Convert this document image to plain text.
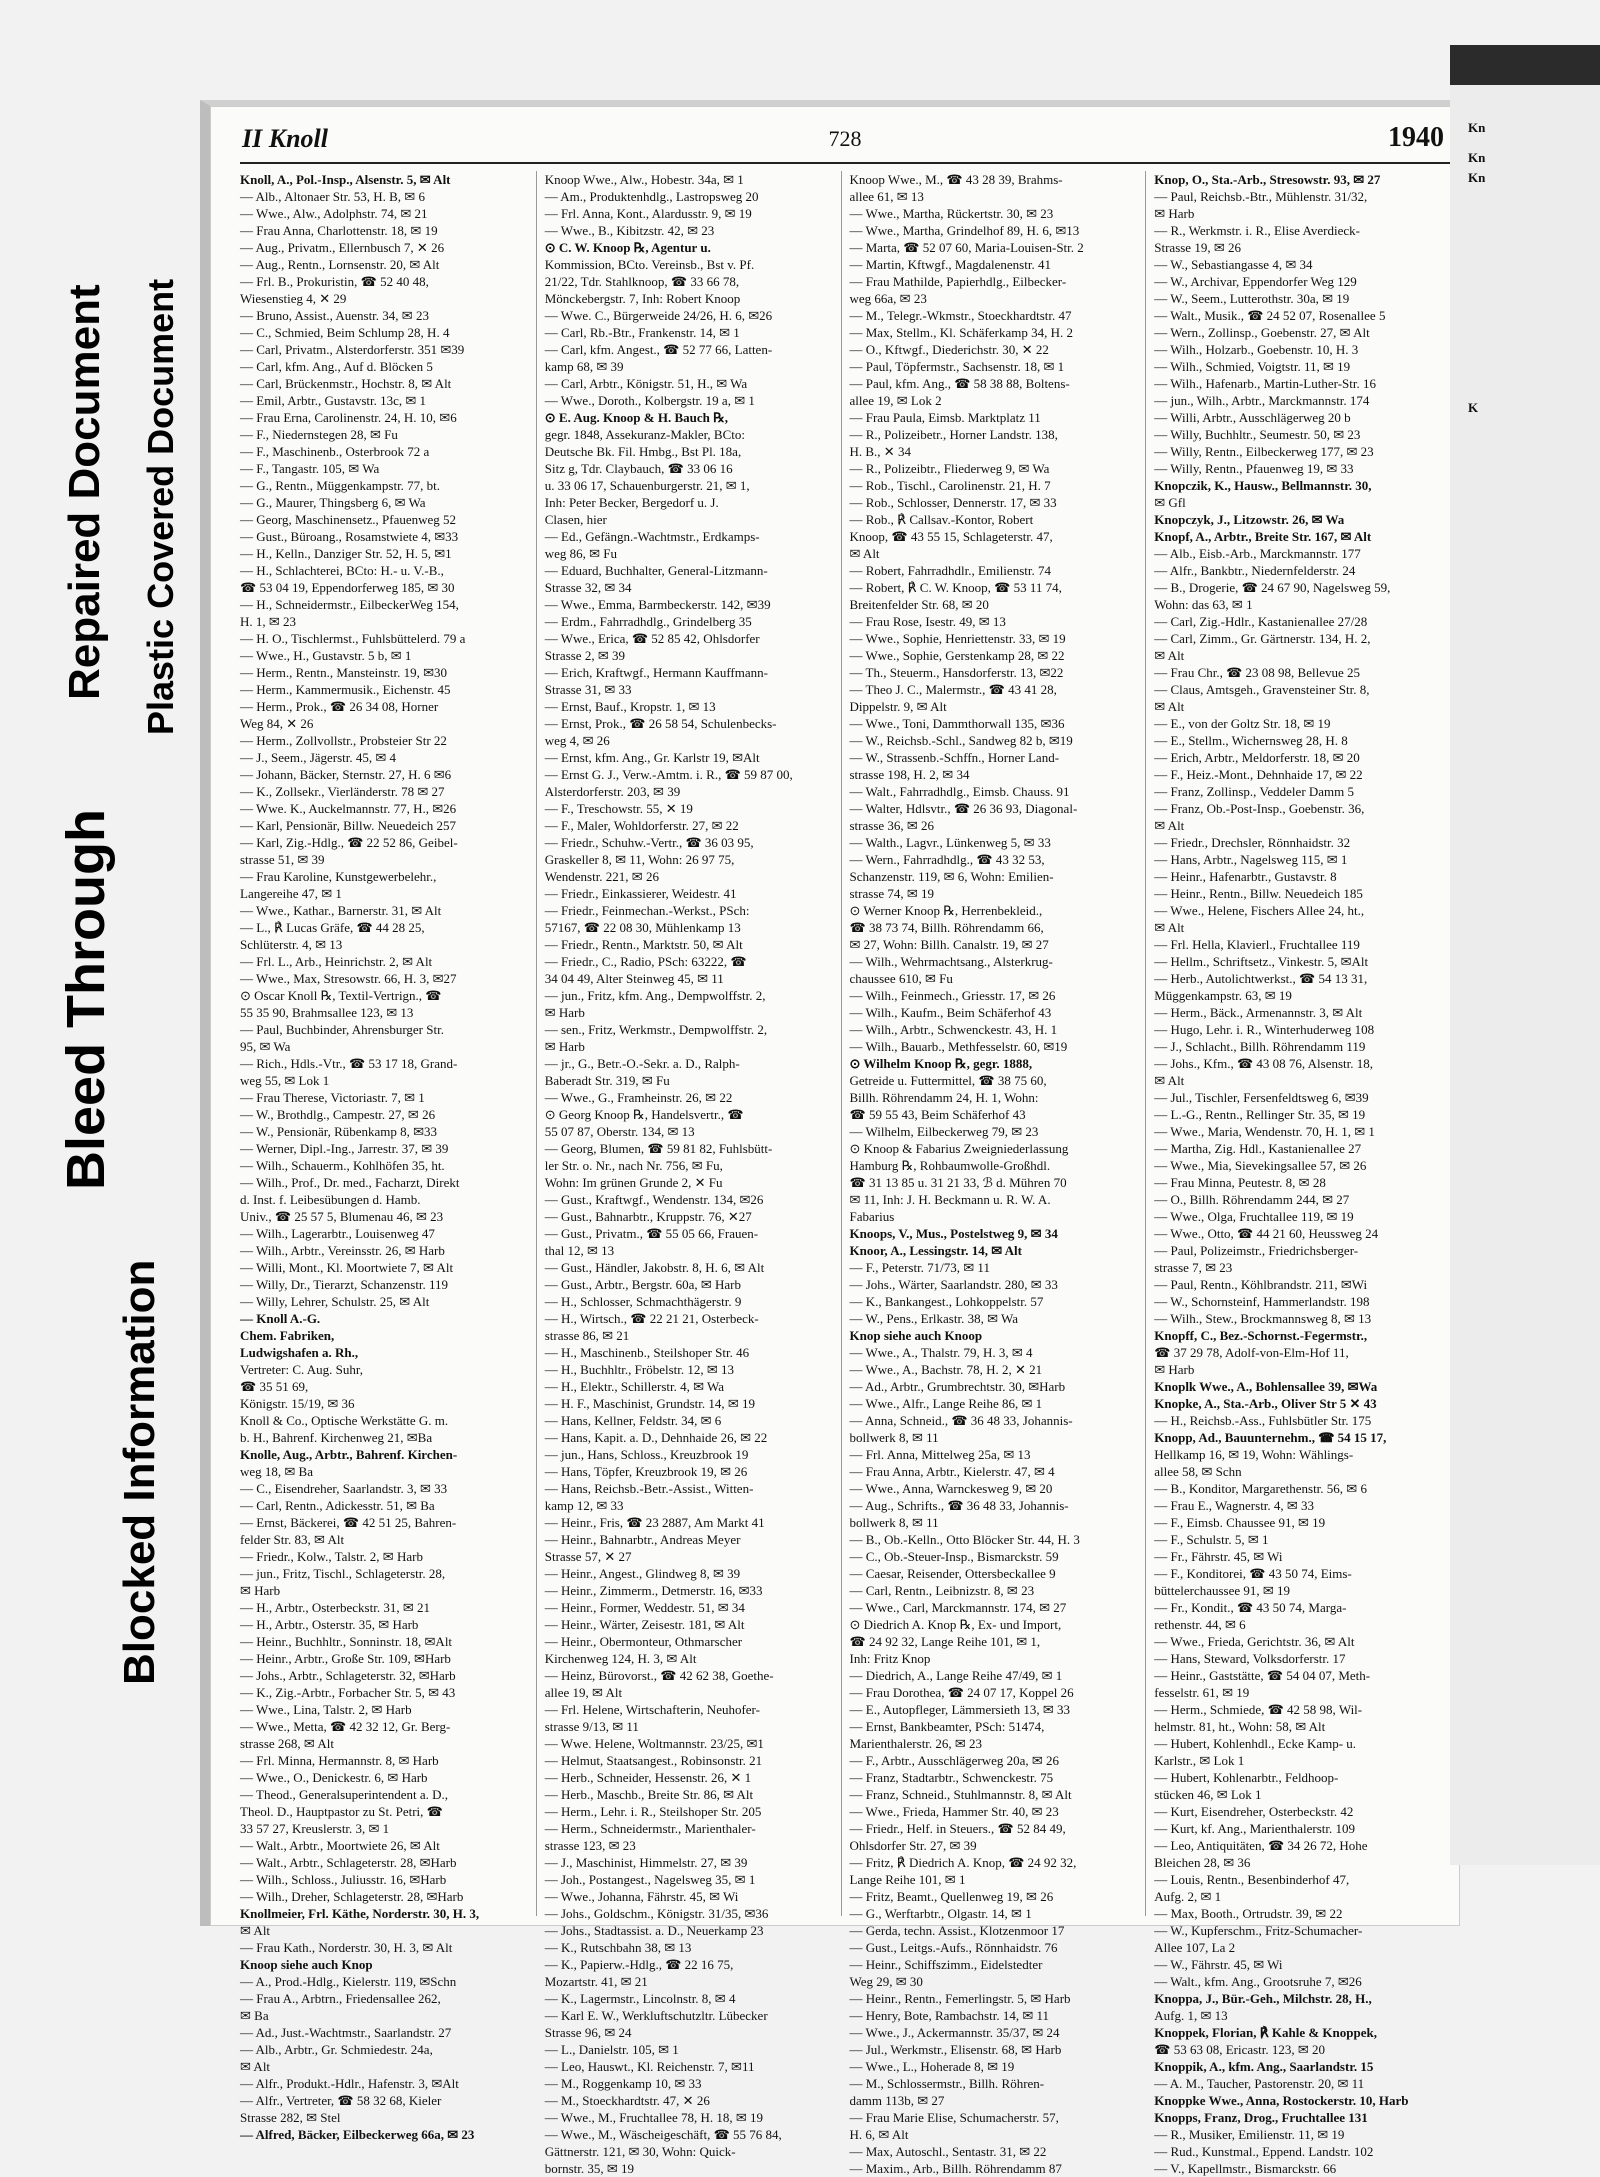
Blocked Information
Bleed Through
Repaired Document Plastic Covered Document
II Knoll	728	1940

Knoll, A., Pol.-Insp., Alsenstr. 5, ✉ Alt

— Alb., Altonaer Str. 53, H. B, ✉ 6

— Wwe., Alw., Adolphstr. 74, ✉ 21

— Frau Anna, Charlottenstr. 18, ✉ 19

— Aug., Privatm., Ellernbusch 7, ✕ 26

— Aug., Rentn., Lornsenstr. 20, ✉ Alt

— Frl. B., Prokuristin, ☎ 52 40 48,

Wiesenstieg 4, ✕ 29

— Bruno, Assist., Auenstr. 34, ✉ 23

— C., Schmied, Beim Schlump 28, H. 4

— Carl, Privatm., Alsterdorferstr. 351 ✉39

— Carl, kfm. Ang., Auf d. Blöcken 5

— Carl, Brückenmstr., Hochstr. 8, ✉ Alt

— Emil, Arbtr., Gustavstr. 13c, ✉ 1

— Frau Erna, Carolinenstr. 24, H. 10, ✉6

— F., Niedernstegen 28, ✉ Fu

— F., Maschinenb., Osterbrook 72 a

— F., Tangastr. 105, ✉ Wa

— G., Rentn., Müggenkampstr. 77, bt.

— G., Maurer, Thingsberg 6, ✉ Wa

— Georg, Maschinensetz., Pfauenweg 52

— Gust., Büroang., Rosamstwiete 4, ✉33

— H., Kelln., Danziger Str. 52, H. 5, ✉1

— H., Schlachterei, BCto: H.- u. V.-B.,

☎ 53 04 19, Eppendorferweg 185, ✉ 30

— H., Schneidermstr., EilbeckerWeg 154,

H. 1, ✉ 23

— H. O., Tischlermst., Fuhlsbüttelerd. 79 a

— Wwe., H., Gustavstr. 5 b, ✉ 1

— Herm., Rentn., Mansteinstr. 19, ✉30

— Herm., Kammermusik., Eichenstr. 45

— Herm., Prok., ☎ 26 34 08, Horner

Weg 84, ✕ 26

— Herm., Zollvollstr., Probsteier Str 22

— J., Seem., Jägerstr. 45, ✉ 4

— Johann, Bäcker, Sternstr. 27, H. 6 ✉6

— K., Zollsekr., Vierländerstr. 78 ✉ 27

— Wwe. K., Auckelmannstr. 77, H., ✉26

— Karl, Pensionär, Billw. Neuedeich 257

— Karl, Zig.-Hdlg., ☎ 22 52 86, Geibel-

strasse 51, ✉ 39

— Frau Karoline, Kunstgewerbelehr.,

Langereihe 47, ✉ 1

— Wwe., Kathar., Barnerstr. 31, ✉ Alt

— L., ℟ Lucas Gräfe, ☎ 44 28 25,

Schlüterstr. 4, ✉ 13

— Frl. L., Arb., Heinrichstr. 2, ✉ Alt

— Wwe., Max, Stresowstr. 66, H. 3, ✉27

⊙ Oscar Knoll ℞, Textil-Vertrign., ☎

55 35 90, Brahmsallee 123, ✉ 13

— Paul, Buchbinder, Ahrensburger Str.

95, ✉ Wa

— Rich., Hdls.-Vtr., ☎ 53 17 18, Grand-

weg 55, ✉ Lok 1

— Frau Therese, Victoriastr. 7, ✉ 1

— W., Brothdlg., Campestr. 27, ✉ 26

— W., Pensionär, Rübenkamp 8, ✉33

— Werner, Dipl.-Ing., Jarrestr. 37, ✉ 39

— Wilh., Schauerm., Kohlhöfen 35, ht.

— Wilh., Prof., Dr. med., Facharzt, Direkt

d. Inst. f. Leibesübungen d. Hamb.

Univ., ☎ 25 57 5, Blumenau 46, ✉ 23

— Wilh., Lagerarbtr., Louisenweg 47

— Wilh., Arbtr., Vereinsstr. 26, ✉ Harb

— Willi, Mont., Kl. Moortwiete 7, ✉ Alt

— Willy, Dr., Tierarzt, Schanzenstr. 119

— Willy, Lehrer, Schulstr. 25, ✉ Alt

— Knoll A.-G.

Chem. Fabriken,

Ludwigshafen a. Rh.,

Vertreter: C. Aug. Suhr,

☎ 35 51 69,

Königstr. 15/19, ✉ 36

Knoll & Co., Optische Werkstätte G. m.

b. H., Bahrenf. Kirchenweg 21, ✉Ba

Knolle, Aug., Arbtr., Bahrenf. Kirchen-

weg 18, ✉ Ba

— C., Eisendreher, Saarlandstr. 3, ✉ 33

— Carl, Rentn., Adickesstr. 51, ✉ Ba

— Ernst, Bäckerei, ☎ 42 51 25, Bahren-

felder Str. 83, ✉ Alt

— Friedr., Kolw., Talstr. 2, ✉ Harb

— jun., Fritz, Tischl., Schlageterstr. 28,

✉ Harb

— H., Arbtr., Osterbeckstr. 31, ✉ 21

— H., Arbtr., Osterstr. 35, ✉ Harb

— Heinr., Buchhltr., Sonninstr. 18, ✉Alt

— Heinr., Arbtr., Große Str. 109, ✉Harb

— Johs., Arbtr., Schlageterstr. 32, ✉Harb

— K., Zig.-Arbtr., Forbacher Str. 5, ✉ 43

— Wwe., Lina, Talstr. 2, ✉ Harb

— Wwe., Metta, ☎ 42 32 12, Gr. Berg-

strasse 268, ✉ Alt

— Frl. Minna, Hermannstr. 8, ✉ Harb

— Wwe., O., Denickestr. 6, ✉ Harb

— Theod., Generalsuperintendent a. D.,

Theol. D., Hauptpastor zu St. Petri, ☎

33 57 27, Kreuslerstr. 3, ✉ 1

— Walt., Arbtr., Moortwiete 26, ✉ Alt

— Walt., Arbtr., Schlageterstr. 28, ✉Harb

— Wilh., Schloss., Juliusstr. 16, ✉Harb

— Wilh., Dreher, Schlageterstr. 28, ✉Harb

Knollmeier, Frl. Käthe, Norderstr. 30, H. 3,

✉ Alt

— Frau Kath., Norderstr. 30, H. 3, ✉ Alt

Knoop siehe auch Knop

— A., Prod.-Hdlg., Kielerstr. 119, ✉Schn

— Frau A., Arbtrn., Friedensallee 262,

✉ Ba

— Ad., Just.-Wachtmstr., Saarlandstr. 27

— Alb., Arbtr., Gr. Schmiedestr. 24a,

✉ Alt

— Alfr., Produkt.-Hdlr., Hafenstr. 3, ✉Alt

— Alfr., Vertreter, ☎ 58 32 68, Kieler

Strasse 282, ✉ Stel

— Alfred, Bäcker, Eilbeckerweg 66a, ✉ 23

Knoop Wwe., Alw., Hobestr. 34a, ✉ 1

— Am., Produktenhdlg., Lastropsweg 20

— Frl. Anna, Kont., Alardusstr. 9, ✉ 19

— Wwe., B., Kibitzstr. 42, ✉ 23

⊙ C. W. Knoop ℞, Agentur u.

Kommission, BCto. Vereinsb., Bst v. Pf.

21/22, Tdr. Stahlknoop, ☎ 33 66 78,

Mönckebergstr. 7, Inh: Robert Knoop

— Wwe. C., Bürgerweide 24/26, H. 6, ✉26

— Carl, Rb.-Btr., Frankenstr. 14, ✉ 1

— Carl, kfm. Angest., ☎ 52 77 66, Latten-

kamp 68, ✉ 39

— Carl, Arbtr., Königstr. 51, H., ✉ Wa

— Wwe., Doroth., Kolbergstr. 19 a, ✉ 1

⊙ E. Aug. Knoop & H. Bauch ℞,

gegr. 1848, Assekuranz-Makler, BCto:

Deutsche Bk. Fil. Hmbg., Bst Pl. 18a,

Sitz g, Tdr. Claybauch, ☎ 33 06 16

u. 33 06 17, Schauenburgerstr. 21, ✉ 1,

Inh: Peter Becker, Bergedorf u. J.

Clasen, hier

— Ed., Gefängn.-Wachtmstr., Erdkamps-

weg 86, ✉ Fu

— Eduard, Buchhalter, General-Litzmann-

Strasse 32, ✉ 34

— Wwe., Emma, Barmbeckerstr. 142, ✉39

— Erdm., Fahrradhdlg., Grindelberg 35

— Wwe., Erica, ☎ 52 85 42, Ohlsdorfer

Strasse 2, ✉ 39

— Erich, Kraftwgf., Hermann Kauffmann-

Strasse 31, ✉ 33

— Ernst, Bauf., Kropstr. 1, ✉ 13

— Ernst, Prok., ☎ 26 58 54, Schulenbecks-

weg 4, ✉ 26

— Ernst, kfm. Ang., Gr. Karlstr 19, ✉Alt

— Ernst G. J., Verw.-Amtm. i. R., ☎ 59 87 00,

Alsterdorferstr. 203, ✉ 39

— F., Treschowstr. 55, ✕ 19

— F., Maler, Wohldorferstr. 27, ✉ 22

— Friedr., Schuhw.-Vertr., ☎ 36 03 95,

Graskeller 8, ✉ 11, Wohn: 26 97 75,

Wendenstr. 221, ✉ 26

— Friedr., Einkassierer, Weidestr. 41

— Friedr., Feinmechan.-Werkst., PSch:

57167, ☎ 22 08 30, Mühlenkamp 13

— Friedr., Rentn., Marktstr. 50, ✉ Alt

— Friedr., C., Radio, PSch: 63222, ☎

34 04 49, Alter Steinweg 45, ✉ 11

— jun., Fritz, kfm. Ang., Dempwolffstr. 2,

✉ Harb

— sen., Fritz, Werkmstr., Dempwolffstr. 2,

✉ Harb

— jr., G., Betr.-O.-Sekr. a. D., Ralph-

Baberadt Str. 319, ✉ Fu

— Wwe., G., Framheinstr. 26, ✉ 22

⊙ Georg Knoop ℞, Handelsvertr., ☎

55 07 87, Oberstr. 134, ✉ 13

— Georg, Blumen, ☎ 59 81 82, Fuhlsbütt-

ler Str. o. Nr., nach Nr. 756, ✉ Fu,

Wohn: Im grünen Grunde 2, ✕ Fu

— Gust., Kraftwgf., Wendenstr. 134, ✉26

— Gust., Bahnarbtr., Kruppstr. 76, ✕27

— Gust., Privatm., ☎ 55 05 66, Frauen-

thal 12, ✉ 13

— Gust., Händler, Jakobstr. 8, H. 6, ✉ Alt

— Gust., Arbtr., Bergstr. 60a, ✉ Harb

— H., Schlosser, Schmachthägerstr. 9

— H., Wirtsch., ☎ 22 21 21, Osterbeck-

strasse 86, ✉ 21

— H., Maschinenb., Steilshoper Str. 46

— H., Buchhltr., Fröbelstr. 12, ✉ 13

— H., Elektr., Schillerstr. 4, ✉ Wa

— H. F., Maschinist, Grundstr. 14, ✉ 19

— Hans, Kellner, Feldstr. 34, ✉ 6

— Hans, Kapit. a. D., Dehnhaide 26, ✉ 22

— jun., Hans, Schloss., Kreuzbrook 19

— Hans, Töpfer, Kreuzbrook 19, ✉ 26

— Hans, Reichsb.-Betr.-Assist., Witten-

kamp 12, ✉ 33

— Heinr., Fris, ☎ 23 2887, Am Markt 41

— Heinr., Bahnarbtr., Andreas Meyer

Strasse 57, ✕ 27

— Heinr., Angest., Glindweg 8, ✉ 39

— Heinr., Zimmerm., Detmerstr. 16, ✉33

— Heinr., Former, Weddestr. 51, ✉ 34

— Heinr., Wärter, Zeisestr. 181, ✉ Alt

— Heinr., Obermonteur, Othmarscher

Kirchenweg 124, H. 3, ✉ Alt

— Heinz, Bürovorst., ☎ 42 62 38, Goethe-

allee 19, ✉ Alt

— Frl. Helene, Wirtschafterin, Neuhofer-

strasse 9/13, ✉ 11

— Wwe. Helene, Woltmannstr. 23/25, ✉1

— Helmut, Staatsangest., Robinsonstr. 21

— Herb., Schneider, Hessenstr. 26, ✕ 1

— Herb., Maschb., Breite Str. 86, ✉ Alt

— Herm., Lehr. i. R., Steilshoper Str. 205

— Herm., Schneidermstr., Marienthaler-

strasse 123, ✉ 23

— J., Maschinist, Himmelstr. 27, ✉ 39

— Joh., Postangest., Nagelsweg 35, ✉ 1

— Wwe., Johanna, Fährstr. 45, ✉ Wi

— Johs., Goldschm., Königstr. 31/35, ✉36

— Johs., Stadtassist. a. D., Neuerkamp 23

— K., Rutschbahn 38, ✉ 13

— K., Papierw.-Hdlg., ☎ 22 16 75,

Mozartstr. 41, ✉ 21

— K., Lagermstr., Lincolnstr. 8, ✉ 4

— Karl E. W., Werkluftschutzltr. Lübecker

Strasse 96, ✉ 24

— L., Danielstr. 105, ✉ 1

— Leo, Hauswt., Kl. Reichenstr. 7, ✉11

— M., Roggenkamp 10, ✉ 33

— M., Stoeckhardtstr. 47, ✕ 26

— Wwe., M., Fruchtallee 78, H. 18, ✉ 19

— Wwe., M., Wäscheigeschäft, ☎ 55 76 84,

Gättnerstr. 121, ✉ 30, Wohn: Quick-

bornstr. 35, ✉ 19

Knoop Wwe., M., ☎ 43 28 39, Brahms-

allee 61, ✉ 13

— Wwe., Martha, Rückertstr. 30, ✉ 23

— Wwe., Martha, Grindelhof 89, H. 6, ✉13

— Marta, ☎ 52 07 60, Maria-Louisen-Str. 2

— Martin, Kftwgf., Magdalenenstr. 41

— Frau Mathilde, Papierhdlg., Eilbecker-

weg 66a, ✉ 23

— M., Telegr.-Wkmstr., Stoeckhardtstr. 47

— Max, Stellm., Kl. Schäferkamp 34, H. 2

— O., Kftwgf., Diederichstr. 30, ✕ 22

— Paul, Töpfermstr., Sachsenstr. 18, ✉ 1

— Paul, kfm. Ang., ☎ 58 38 88, Boltens-

allee 19, ✉ Lok 2

— Frau Paula, Eimsb. Marktplatz 11

— R., Polizeibetr., Horner Landstr. 138,

H. B., ✕ 34

— R., Polizeibtr., Fliederweg 9, ✉ Wa

— Rob., Tischl., Carolinenstr. 21, H. 7

— Rob., Schlosser, Dennerstr. 17, ✉ 33

— Rob., ℟ Callsav.-Kontor, Robert

Knoop, ☎ 43 55 15, Schlageterstr. 47,

✉ Alt

— Robert, Fahrradhdlr., Emilienstr. 74

— Robert, ℟ C. W. Knoop, ☎ 53 11 74,

Breitenfelder Str. 68, ✉ 20

— Frau Rose, Isestr. 49, ✉ 13

— Wwe., Sophie, Henriettenstr. 33, ✉ 19

— Wwe., Sophie, Gerstenkamp 28, ✉ 22

— Th., Steuerm., Hansdorferstr. 13, ✉22

— Theo J. C., Malermstr., ☎ 43 41 28,

Dippelstr. 9, ✉ Alt

— Wwe., Toni, Dammthorwall 135, ✉36

— W., Reichsb.-Schl., Sandweg 82 b, ✉19

— W., Strassenb.-Schffn., Horner Land-

strasse 198, H. 2, ✉ 34

— Walt., Fahrradhdlg., Eimsb. Chauss. 91

— Walter, Hdlsvtr., ☎ 26 36 93, Diagonal-

strasse 36, ✉ 26

— Walth., Lagvr., Lünkenweg 5, ✉ 33

— Wern., Fahrradhdlg., ☎ 43 32 53,

Schanzenstr. 119, ✉ 6, Wohn: Emilien-

strasse 74, ✉ 19

⊙ Werner Knoop ℞, Herrenbekleid.,

☎ 38 73 74, Billh. Röhrendamm 66,

✉ 27, Wohn: Billh. Canalstr. 19, ✉ 27

— Wilh., Wehrmachtsang., Alsterkrug-

chaussee 610, ✉ Fu

— Wilh., Feinmech., Griesstr. 17, ✉ 26

— Wilh., Kaufm., Beim Schäferhof 43

— Wilh., Arbtr., Schwenckestr. 43, H. 1

— Wilh., Bauarb., Methfesselstr. 60, ✉19

⊙ Wilhelm Knoop ℞, gegr. 1888,

Getreide u. Futtermittel, ☎ 38 75 60,

Billh. Röhrendamm 24, H. 1, Wohn:

☎ 59 55 43, Beim Schäferhof 43

— Wilhelm, Eilbeckerweg 79, ✉ 23

⊙ Knoop & Fabarius Zweigniederlassung

Hamburg ℞, Rohbaumwolle-Großhdl.

☎ 31 13 85 u. 31 21 33, ℬ d. Mühren 70

✉ 11, Inh: J. H. Beckmann u. R. W. A.

Fabarius

Knoops, V., Mus., Postelstweg 9, ✉ 34

Knoor, A., Lessingstr. 14, ✉ Alt

— F., Peterstr. 71/73, ✉ 11

— Johs., Wärter, Saarlandstr. 280, ✉ 33

— K., Bankangest., Lohkoppelstr. 57

— W., Pens., Erlkastr. 38, ✉ Wa

Knop siehe auch Knoop

— Wwe., A., Thalstr. 79, H. 3, ✉ 4

— Wwe., A., Bachstr. 78, H. 2, ✕ 21

— Ad., Arbtr., Grumbrechtstr. 30, ✉Harb

— Wwe., Alfr., Lange Reihe 86, ✉ 1

— Anna, Schneid., ☎ 36 48 33, Johannis-

bollwerk 8, ✉ 11

— Frl. Anna, Mittelweg 25a, ✉ 13

— Frau Anna, Arbtr., Kielerstr. 47, ✉ 4

— Wwe., Anna, Warnckesweg 9, ✉ 20

— Aug., Schrifts., ☎ 36 48 33, Johannis-

bollwerk 8, ✉ 11

— B., Ob.-Kelln., Otto Blöcker Str. 44, H. 3

— C., Ob.-Steuer-Insp., Bismarckstr. 59

— Caesar, Reisender, Ottersbeckallee 9

— Carl, Rentn., Leibnizstr. 8, ✉ 23

— Wwe., Carl, Marckmannstr. 174, ✉ 27

⊙ Diedrich A. Knop ℞, Ex- und Import,

☎ 24 92 32, Lange Reihe 101, ✉ 1,

Inh: Fritz Knop

— Diedrich, A., Lange Reihe 47/49, ✉ 1

— Frau Dorothea, ☎ 24 07 17, Koppel 26

— E., Autopfleger, Lämmersieth 13, ✉ 33

— Ernst, Bankbeamter, PSch: 51474,

Marienthalerstr. 26, ✉ 23

— F., Arbtr., Ausschlägerweg 20a, ✉ 26

— Franz, Stadtarbtr., Schwenckestr. 75

— Franz, Schneid., Stuhlmannstr. 8, ✉ Alt

— Wwe., Frieda, Hammer Str. 40, ✉ 23

— Friedr., Helf. in Steuers., ☎ 52 84 49,

Ohlsdorfer Str. 27, ✉ 39

— Fritz, ℟ Diedrich A. Knop, ☎ 24 92 32,

Lange Reihe 101, ✉ 1

— Fritz, Beamt., Quellenweg 19, ✉ 26

— G., Werftarbtr., Olgastr. 14, ✉ 1

— Gerda, techn. Assist., Klotzenmoor 17

— Gust., Leitgs.-Aufs., Rönnhaidstr. 76

— Heinr., Schiffszimm., Eidelstedter

Weg 29, ✉ 30

— Heinr., Rentn., Femerlingstr. 5, ✉ Harb

— Henry, Bote, Rambachstr. 14, ✉ 11

— Wwe., J., Ackermannstr. 35/37, ✉ 24

— Jul., Werkmstr., Elisenstr. 68, ✉ Harb

— Wwe., L., Hoherade 8, ✉ 19

— M., Schlossermstr., Billh. Röhren-

damm 113b, ✉ 27

— Frau Marie Elise, Schumacherstr. 57,

H. 6, ✉ Alt

— Max, Autoschl., Sentastr. 31, ✉ 22

— Maxim., Arb., Billh. Röhrendamm 87

Knop, O., Sta.-Arb., Stresowstr. 93, ✉ 27

— Paul, Reichsb.-Btr., Mühlenstr. 31/32,

✉ Harb

— R., Werkmstr. i. R., Elise Averdieck-

Strasse 19, ✉ 26

— W., Sebastiangasse 4, ✉ 34

— W., Archivar, Eppendorfer Weg 129

— W., Seem., Lutterothstr. 30a, ✉ 19

— Walt., Musik., ☎ 24 52 07, Rosenallee 5

— Wern., Zollinsp., Goebenstr. 27, ✉ Alt

— Wilh., Holzarb., Goebenstr. 10, H. 3

— Wilh., Schmied, Voigtstr. 11, ✉ 19

— Wilh., Hafenarb., Martin-Luther-Str. 16

— jun., Wilh., Arbtr., Marckmannstr. 174

— Willi, Arbtr., Ausschlägerweg 20 b

— Willy, Buchhltr., Seumestr. 50, ✉ 23

— Willy, Rentn., Eilbeckerweg 177, ✉ 23

— Willy, Rentn., Pfauenweg 19, ✉ 33

Knopczik, K., Hausw., Bellmannstr. 30,

✉ Gfl

Knopczyk, J., Litzowstr. 26, ✉ Wa

Knopf, A., Arbtr., Breite Str. 167, ✉ Alt

— Alb., Eisb.-Arb., Marckmannstr. 177

— Alfr., Bankbtr., Niedernfelderstr. 24

— B., Drogerie, ☎ 24 67 90, Nagelsweg 59,

Wohn: das 63, ✉ 1

— Carl, Zig.-Hdlr., Kastanienallee 27/28

— Carl, Zimm., Gr. Gärtnerstr. 134, H. 2,

✉ Alt

— Frau Chr., ☎ 23 08 98, Bellevue 25

— Claus, Amtsgeh., Gravensteiner Str. 8,

✉ Alt

— E., von der Goltz Str. 18, ✉ 19

— E., Stellm., Wichernsweg 28, H. 8

— Erich, Arbtr., Meldorferstr. 18, ✉ 20

— F., Heiz.-Mont., Dehnhaide 17, ✉ 22

— Franz, Zollinsp., Veddeler Damm 5

— Franz, Ob.-Post-Insp., Goebenstr. 36,

✉ Alt

— Friedr., Drechsler, Rönnhaidstr. 32

— Hans, Arbtr., Nagelsweg 115, ✉ 1

— Heinr., Hafenarbtr., Gustavstr. 8

— Heinr., Rentn., Billw. Neuedeich 185

— Wwe., Helene, Fischers Allee 24, ht.,

✉ Alt

— Frl. Hella, Klavierl., Fruchtallee 119

— Hellm., Schriftsetz., Vinkestr. 5, ✉Alt

— Herb., Autolichtwerkst., ☎ 54 13 31,

Müggenkampstr. 63, ✉ 19

— Herm., Bäck., Armenannstr. 3, ✉ Alt

— Hugo, Lehr. i. R., Winterhuderweg 108

— J., Schlacht., Billh. Röhrendamm 119

— Johs., Kfm., ☎ 43 08 76, Alsenstr. 18,

✉ Alt

— Jul., Tischler, Fersenfeldtsweg 6, ✉39

— L.-G., Rentn., Rellinger Str. 35, ✉ 19

— Wwe., Maria, Wendenstr. 70, H. 1, ✉ 1

— Martha, Zig. Hdl., Kastanienallee 27

— Wwe., Mia, Sievekingsallee 57, ✉ 26

— Frau Minna, Peutestr. 8, ✉ 28

— O., Billh. Röhrendamm 244, ✉ 27

— Wwe., Olga, Fruchtallee 119, ✉ 19

— Wwe., Otto, ☎ 44 21 60, Heussweg 24

— Paul, Polizeimstr., Friedrichsberger-

strasse 7, ✉ 23

— Paul, Rentn., Köhlbrandstr. 211, ✉Wi

— W., Schornsteinf, Hammerlandstr. 198

— Wilh., Stew., Brockmannsweg 8, ✉ 13

Knopff, C., Bez.-Schornst.-Fegermstr.,

☎ 37 29 78, Adolf-von-Elm-Hof 11,

✉ Harb

Knoplk Wwe., A., Bohlensallee 39, ✉Wa

Knopke, A., Sta.-Arb., Oliver Str 5 ✕ 43

— H., Reichsb.-Ass., Fuhlsbütler Str. 175

Knopp, Ad., Bauunternehm., ☎ 54 15 17,

Hellkamp 16, ✉ 19, Wohn: Wählings-

allee 58, ✉ Schn

— B., Konditor, Margarethenstr. 56, ✉ 6

— Frau E., Wagnerstr. 4, ✉ 33

— F., Eimsb. Chaussee 91, ✉ 19

— F., Schulstr. 5, ✉ 1

— Fr., Fährstr. 45, ✉ Wi

— F., Konditorei, ☎ 43 50 74, Eims-

büttelerchaussee 91, ✉ 19

— Fr., Kondit., ☎ 43 50 74, Marga-

rethenstr. 44, ✉ 6

— Wwe., Frieda, Gerichtstr. 36, ✉ Alt

— Hans, Steward, Volksdorferstr. 17

— Heinr., Gaststätte, ☎ 54 04 07, Meth-

fesselstr. 61, ✉ 19

— Herm., Schmiede, ☎ 42 58 98, Wil-

helmstr. 81, ht., Wohn: 58, ✉ Alt

— Hubert, Kohlenhdl., Ecke Kamp- u.

Karlstr., ✉ Lok 1

— Hubert, Kohlenarbtr., Feldhoop-

stücken 46, ✉ Lok 1

— Kurt, Eisendreher, Osterbeckstr. 42

— Kurt, kf. Ang., Marienthalerstr. 109

— Leo, Antiquitäten, ☎ 34 26 72, Hohe

Bleichen 28, ✉ 36

— Louis, Rentn., Besenbinderhof 47,

Aufg. 2, ✉ 1

— Max, Booth., Ortrudstr. 39, ✉ 22

— W., Kupferschm., Fritz-Schumacher-

Allee 107, La 2

— W., Fährstr. 45, ✉ Wi

— Walt., kfm. Ang., Grootsruhe 7, ✉26

Knoppa, J., Bür.-Geh., Milchstr. 28, H.,

Aufg. 1, ✉ 13

Knoppek, Florian, ℟ Kahle & Knoppek,

☎ 53 63 08, Ericastr. 123, ✉ 20

Knoppik, A., kfm. Ang., Saarlandstr. 15

— A. M., Taucher, Pastorenstr. 20, ✉ 11

Knoppke Wwe., Anna, Rostockerstr. 10, Harb

Knopps, Franz, Drog., Fruchtallee 131

— R., Musiker, Emilienstr. 11, ✉ 19

— Rud., Kunstmal., Eppend. Landstr. 102

— V., Kapellmstr., Bismarckstr. 66

Kn
Kn
Kn
K
